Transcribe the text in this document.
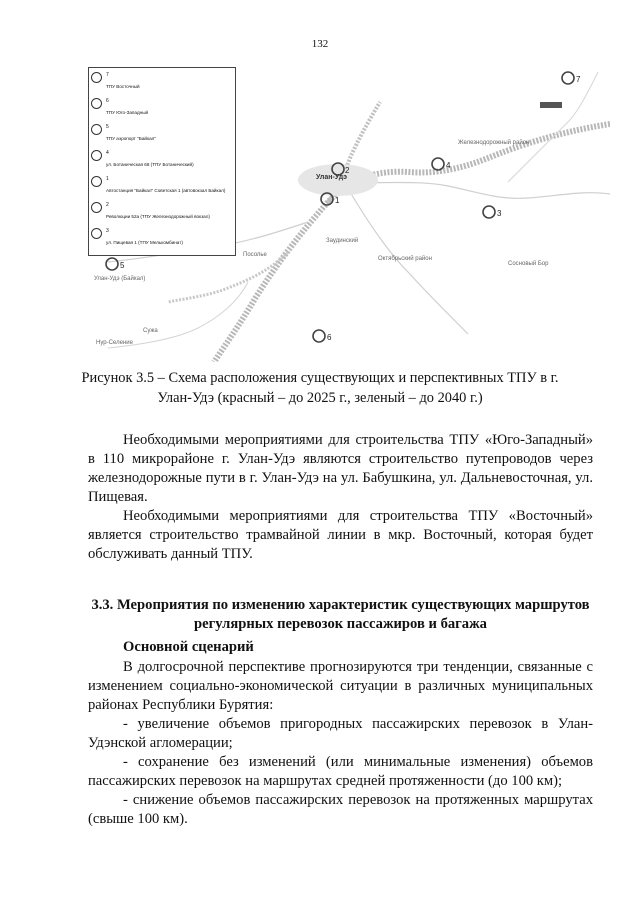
132
1
2
3
4
5
6
7
Улан-Удэ
Посолье
Сужа
Нур-Селение
Улан-Удэ (Байкал)
Заудинский
Сосновый Бор
Железнодорожный район
Октябрьский район
7
ТПУ Восточный
6
ТПУ Юго-Западный
5
ТПУ аэропорт "Байкал"
4
ул. Ботаническая 68 (ТПУ Ботанический)
1
Автостанция "Байкал" Советская 1 (автовокзал Байкал)
2
Революции 52а (ТПУ Железнодорожный вокзал)
3
ул. Пищевая 1 (ТПУ Мелькомбинат)
Рисунок 3.5 – Схема расположения существующих и перспективных ТПУ в г.
Улан-Удэ (красный – до 2025 г., зеленый – до 2040 г.)

Необходимыми мероприятиями для строительства ТПУ «Юго-Западный» в 110 микрорайоне г. Улан-Удэ являются строительство путепроводов через железнодорожные пути в г. Улан-Удэ на ул. Бабушкина, ул. Дальневосточная, ул. Пищевая.

Необходимыми мероприятиями для строительства ТПУ «Восточный» является строительство трамвайной линии в мкр. Восточный, которая будет обслуживать данный ТПУ.

3.3. Мероприятия по изменению характеристик существующих маршрутов регулярных перевозок пассажиров и багажа

Основной сценарий

В долгосрочной перспективе прогнозируются три тенденции, связанные с изменением социально-экономической ситуации в различных муниципальных районах Республики Бурятия:

- увеличение объемов пригородных пассажирских перевозок в Улан-Удэнской агломерации;

- сохранение без изменений (или минимальные изменения) объемов пассажирских перевозок на маршрутах средней протяженности (до 100 км);

- снижение объемов пассажирских перевозок на протяженных маршрутах (свыше 100 км).
